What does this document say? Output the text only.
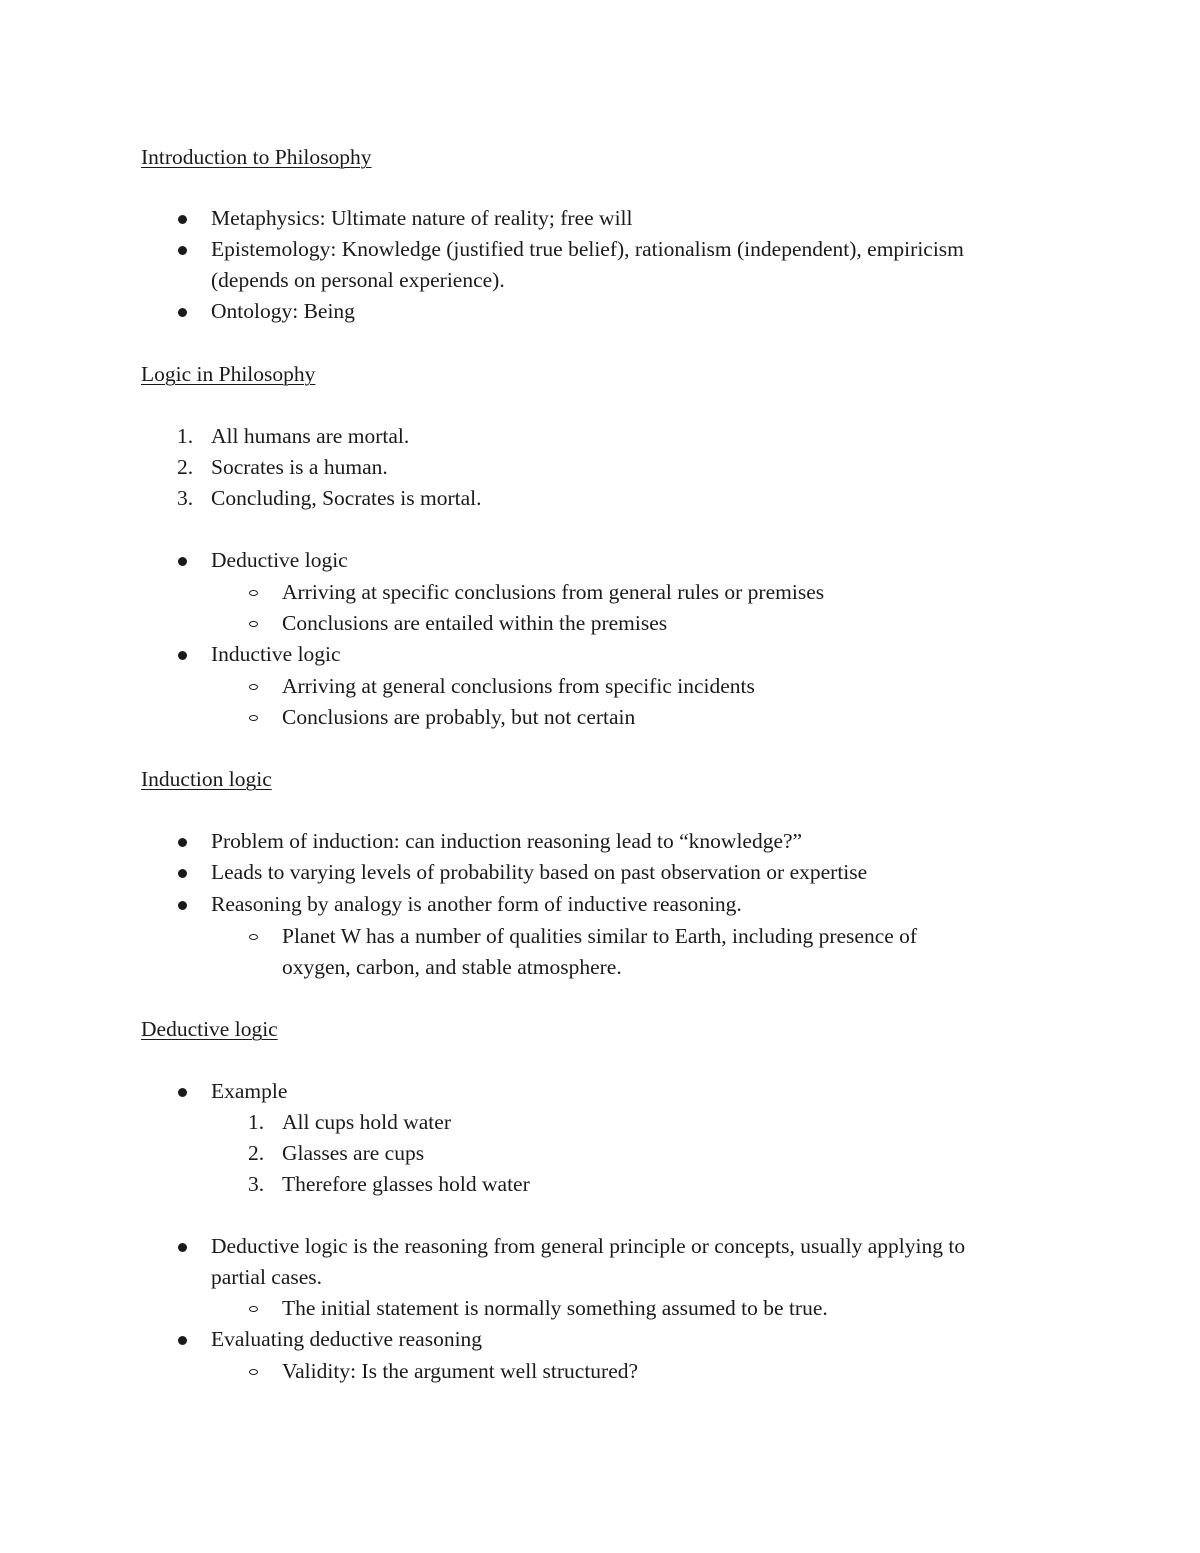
Introduction to Philosophy
Metaphysics: Ultimate nature of reality; free will
Epistemology: Knowledge (justified true belief), rationalism (independent), empiricism
(depends on personal experience).
Ontology: Being
Logic in Philosophy
1. All humans are mortal.
2. Socrates is a human.
3. Concluding, Socrates is mortal.
Deductive logic
Arriving at specific conclusions from general rules or premises
Conclusions are entailed within the premises
Inductive logic
Arriving at general conclusions from specific incidents
Conclusions are probably, but not certain
Induction logic
Problem of induction: can induction reasoning lead to “knowledge?”
Leads to varying levels of probability based on past observation or expertise
Reasoning by analogy is another form of inductive reasoning.
Planet W has a number of qualities similar to Earth, including presence of
oxygen, carbon, and stable atmosphere.
Deductive logic
Example
1. All cups hold water
2. Glasses are cups
3. Therefore glasses hold water
Deductive logic is the reasoning from general principle or concepts, usually applying to
partial cases.
The initial statement is normally something assumed to be true.
Evaluating deductive reasoning
Validity: Is the argument well structured?
